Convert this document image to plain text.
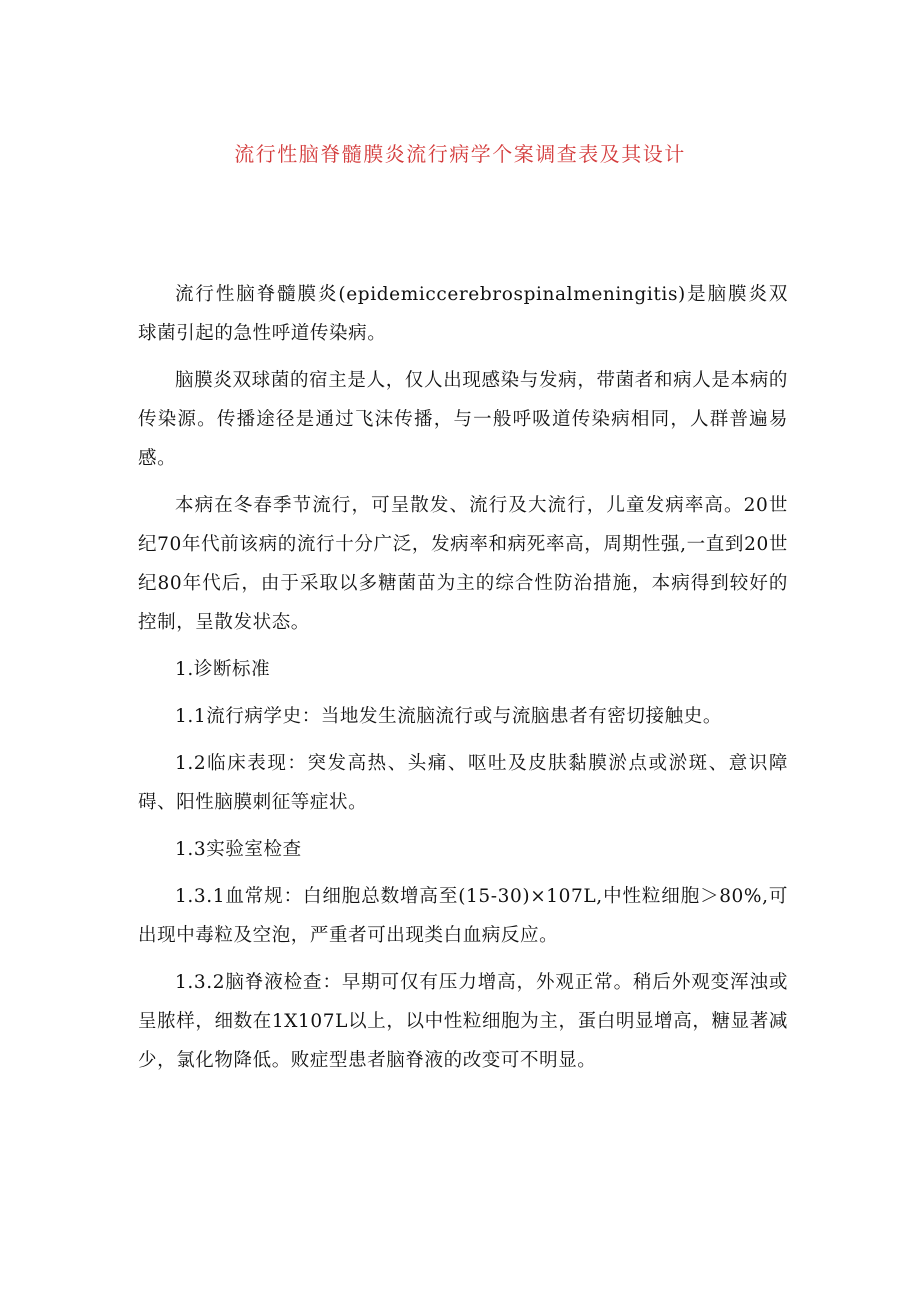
流行性脑脊髓膜炎流行病学个案调查表及其设计

流行性脑脊髓膜炎(epidemiccerebrospinalmeningitis)是脑膜炎双球菌引起的急性呼道传染病。

脑膜炎双球菌的宿主是人，仅人出现感染与发病，带菌者和病人是本病的传染源。传播途径是通过飞沫传播，与一般呼吸道传染病相同，人群普遍易感。

本病在冬春季节流行，可呈散发、流行及大流行，儿童发病率高。20世纪70年代前该病的流行十分广泛，发病率和病死率高，周期性强,一直到20世纪80年代后，由于采取以多糖菌苗为主的综合性防治措施，本病得到较好的控制，呈散发状态。

1.诊断标准

1.1流行病学史：当地发生流脑流行或与流脑患者有密切接触史。

1.2临床表现：突发高热、头痛、呕吐及皮肤黏膜淤点或淤斑、意识障碍、阳性脑膜刺征等症状。

1.3实验室检查

1.3.1血常规：白细胞总数增高至(15-30)×107L,中性粒细胞＞80%,可出现中毒粒及空泡，严重者可出现类白血病反应。

1.3.2脑脊液检查：早期可仅有压力增高，外观正常。稍后外观变浑浊或呈脓样，细数在1X107L以上，以中性粒细胞为主，蛋白明显增高，糖显著减少，氯化物降低。败症型患者脑脊液的改变可不明显。
